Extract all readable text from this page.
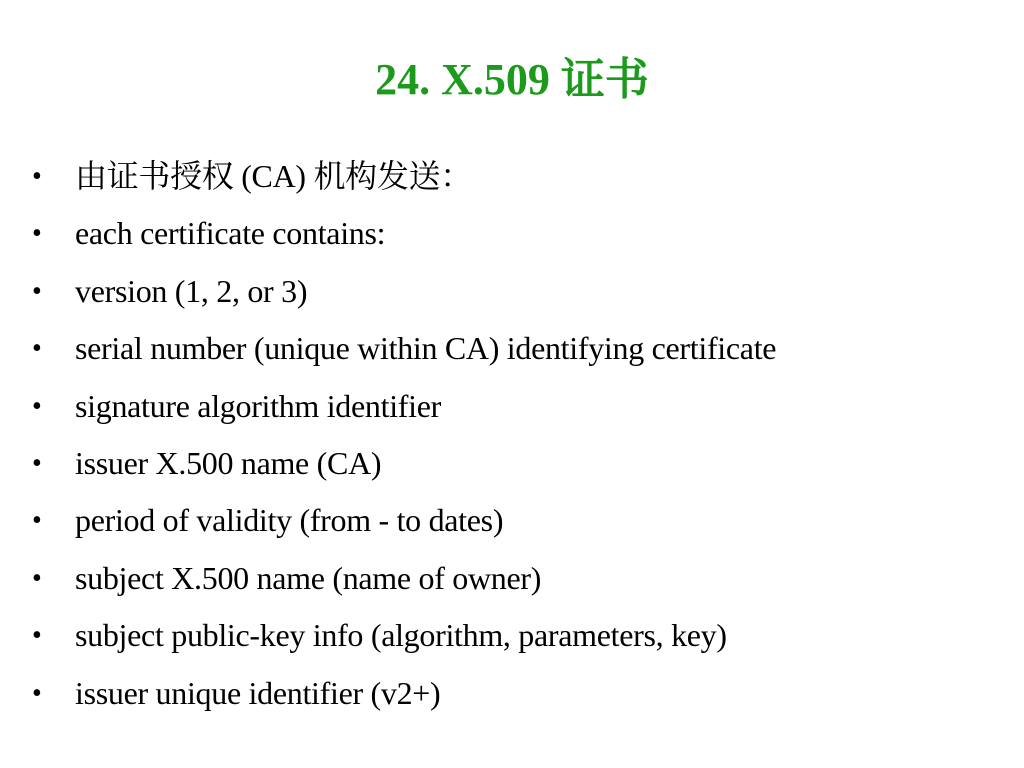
24. X.509 证书
•	由证书授权 (CA) 机构发送：
•	each certificate contains:
•	version (1, 2, or 3)
•	serial number (unique within CA) identifying certificate
•	signature algorithm identifier
•	issuer X.500 name (CA)
•	period of validity (from - to dates)
•	subject X.500 name (name of owner)
•	subject public-key info (algorithm, parameters, key)
•	issuer unique identifier (v2+)
